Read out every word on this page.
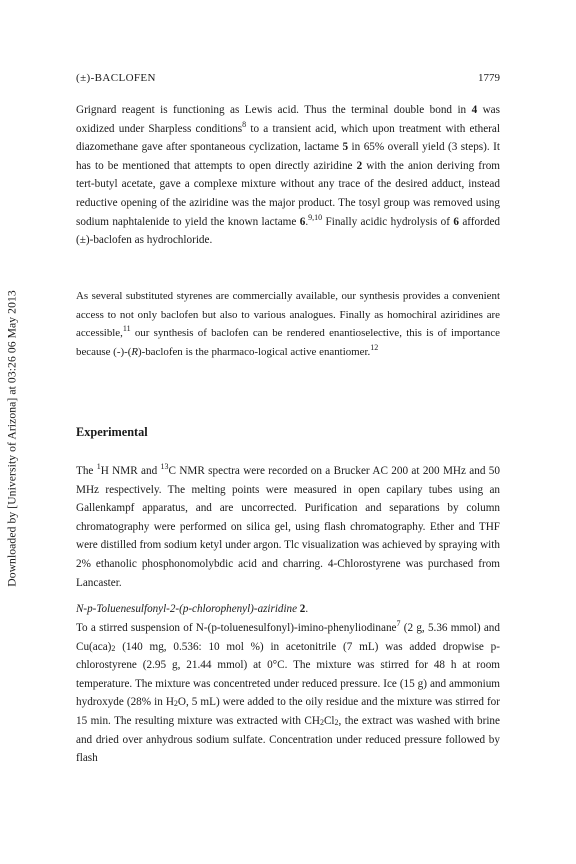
Downloaded by [University of Arizona] at 03:26 06 May 2013
(±)-BACLOFEN	1779

Grignard reagent is functioning as Lewis acid. Thus the terminal double bond in 4 was oxidized under Sharpless conditions$^8$ to a transient acid, which upon treatment with etheral diazomethane gave after spontaneous cyclization, lactame 5 in 65% overall yield (3 steps). It has to be mentioned that attempts to open directly aziridine 2 with the anion deriving from tert-butyl acetate, gave a complexe mixture without any trace of the desired adduct, instead reductive opening of the aziridine was the major product. The tosyl group was removed using sodium naphtalenide to yield the known lactame 6.$^{9,10}$ Finally acidic hydrolysis of 6 afforded (±)-baclofen as hydrochloride.

As several substituted styrenes are commercially available, our synthesis provides a convenient access to not only baclofen but also to various analogues. Finally as homochiral aziridines are accessible,$^{11}$ our synthesis of baclofen can be rendered enantioselective, this is of importance because (-)-(R)-baclofen is the pharmaco-logical active enantiomer.$^{12}$

Experimental

The $^1$H NMR and $^{13}$C NMR spectra were recorded on a Brucker AC 200 at 200 MHz and 50 MHz respectively. The melting points were measured in open capilary tubes using an Gallenkampf apparatus, and are uncorrected. Purification and separations by column chromatography were performed on silica gel, using flash chromatography. Ether and THF were distilled from sodium ketyl under argon. Tlc visualization was achieved by spraying with 2% ethanolic phosphonomolybdic acid and charring. 4-Chlorostyrene was purchased from Lancaster.

N-p-Toluenesulfonyl-2-(p-chlorophenyl)-aziridine 2.

To a stirred suspension of N-(p-toluenesulfonyl)-imino-phenyliodinane$^7$ (2 g, 5.36 mmol) and $Cu(aca)_2$ (140 mg, 0.536: 10 mol %) in acetonitrile (7 mL) was added dropwise p-chlorostyrene (2.95 g, 21.44 mmol) at 0°C. The mixture was stirred for 48 h at room temperature. The mixture was concentreted under reduced pressure. Ice (15 g) and ammonium hydroxyde (28% in $H_2O$, 5 mL) were added to the oily residue and the mixture was stirred for 15 min. The resulting mixture was extracted with $CH_2Cl_2$, the extract was washed with brine and dried over anhydrous sodium sulfate. Concentration under reduced pressure followed by flash
